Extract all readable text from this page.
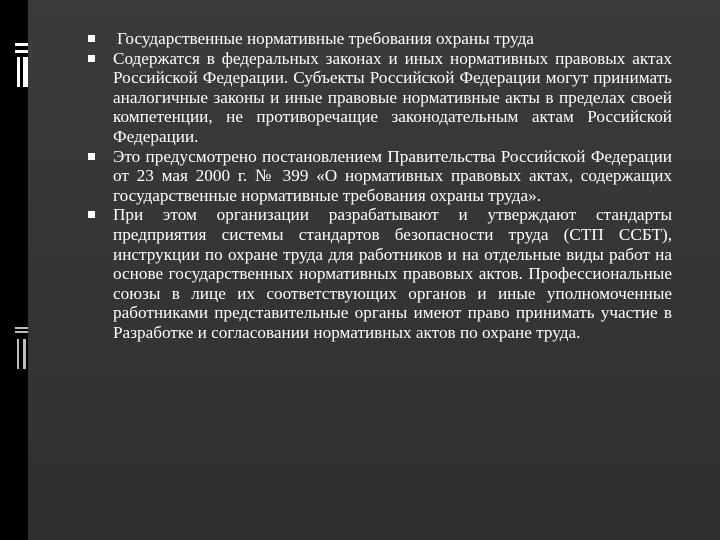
Государственные нормативные требования охраны труда

Содержатся в федеральных законах и иных нормативных правовых актах Российской Федерации. Субъекты Российской Федерации могут принимать аналогичные законы и иные правовые нормативные акты в пределах своей компетенции, не противоречащие законодательным актам Российской Федерации.

Это предусмотрено постановлением Правительства Российской Федерации от 23 мая 2000 г. № 399 «О нормативных правовых актах, содержащих государственные нормативные требования охраны труда».

При этом организации разрабатывают и утверждают стандарты предприятия системы стандартов безопасности труда (СТП ССБТ), инструкции по охране труда для работников и на отдельные виды работ на основе государственных нормативных правовых актов. Профессиональные союзы в лице их соответствующих органов и иные уполномоченные работниками представительные органы имеют право принимать участие в Разработке и согласовании нормативных актов по охране труда.
